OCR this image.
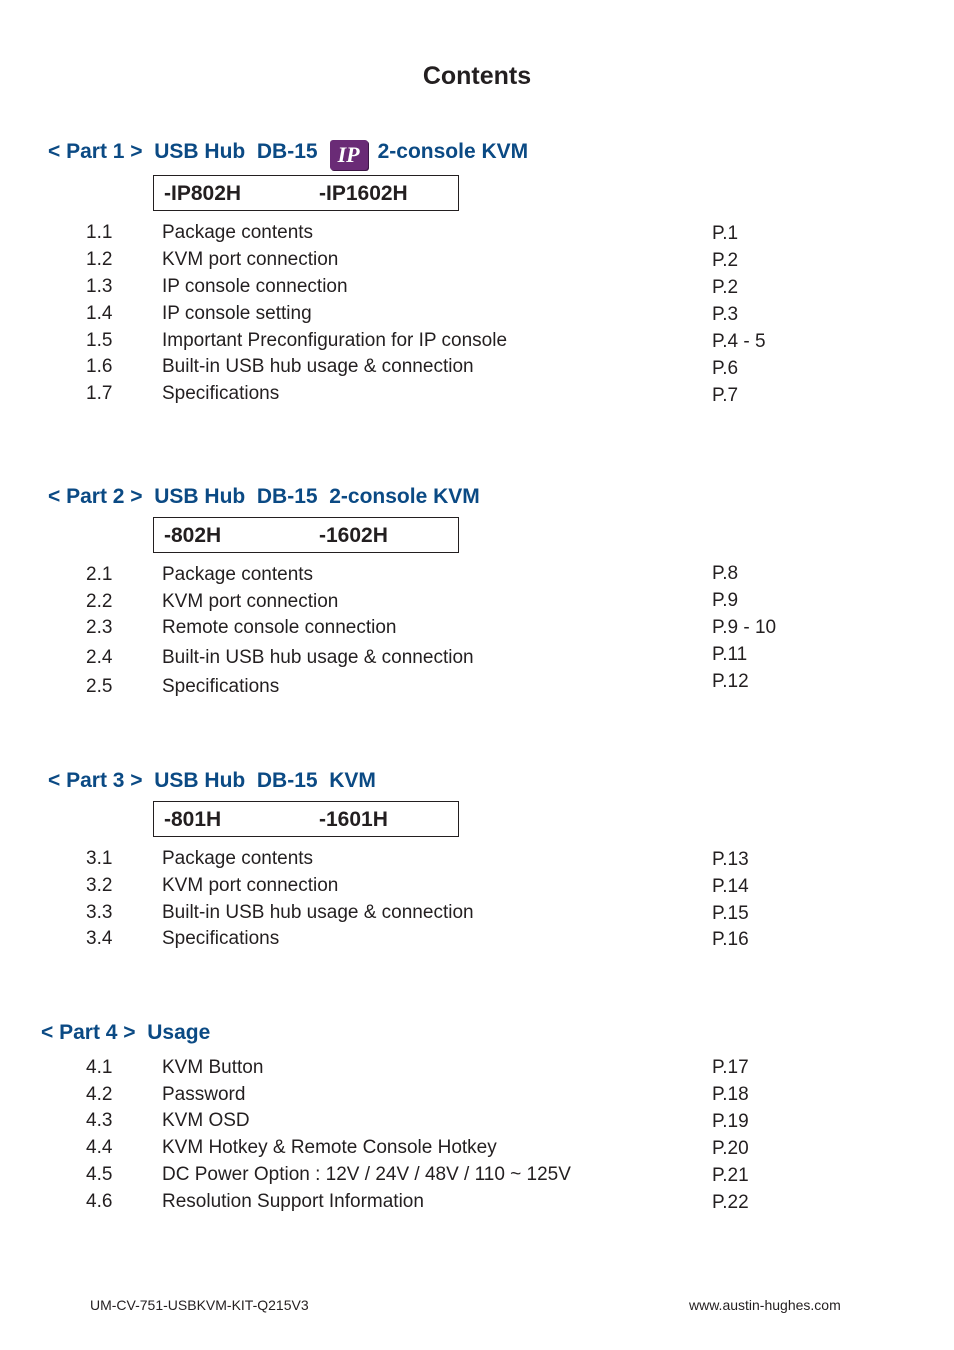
Contents
< Part 1 > USB Hub  DB-15 IP 2-console KVM
-IP802H	-IP1602H
1.1	Package contents	P.1
1.2	KVM port connection	P.2
1.3	IP console connection	P.2
1.4	IP console setting	P.3
1.5	Important Preconfiguration for IP console	P.4 - 5
1.6	Built-in USB hub usage & connection	P.6
1.7	Specifications	P.7
< Part 2 > USB Hub  DB-15  2-console KVM
-802H	-1602H
2.1	Package contents	P.8
2.2	KVM port connection	P.9
2.3	Remote console connection	P.9 - 10
2.4	Built-in USB hub usage & connection	P.11
2.5	Specifications	P.12
< Part 3 > USB Hub  DB-15  KVM
-801H	-1601H
3.1	Package contents	P.13
3.2	KVM port connection	P.14
3.3	Built-in USB hub usage & connection	P.15
3.4	Specifications	P.16
< Part 4 > Usage
4.1	KVM Button	P.17
4.2	Password	P.18
4.3	KVM OSD	P.19
4.4	KVM Hotkey & Remote Console Hotkey	P.20
4.5	DC Power Option : 12V / 24V / 48V / 110 ~ 125V	P.21
4.6	Resolution Support Information	P.22
UM-CV-751-USBKVM-KIT-Q215V3	www.austin-hughes.com
